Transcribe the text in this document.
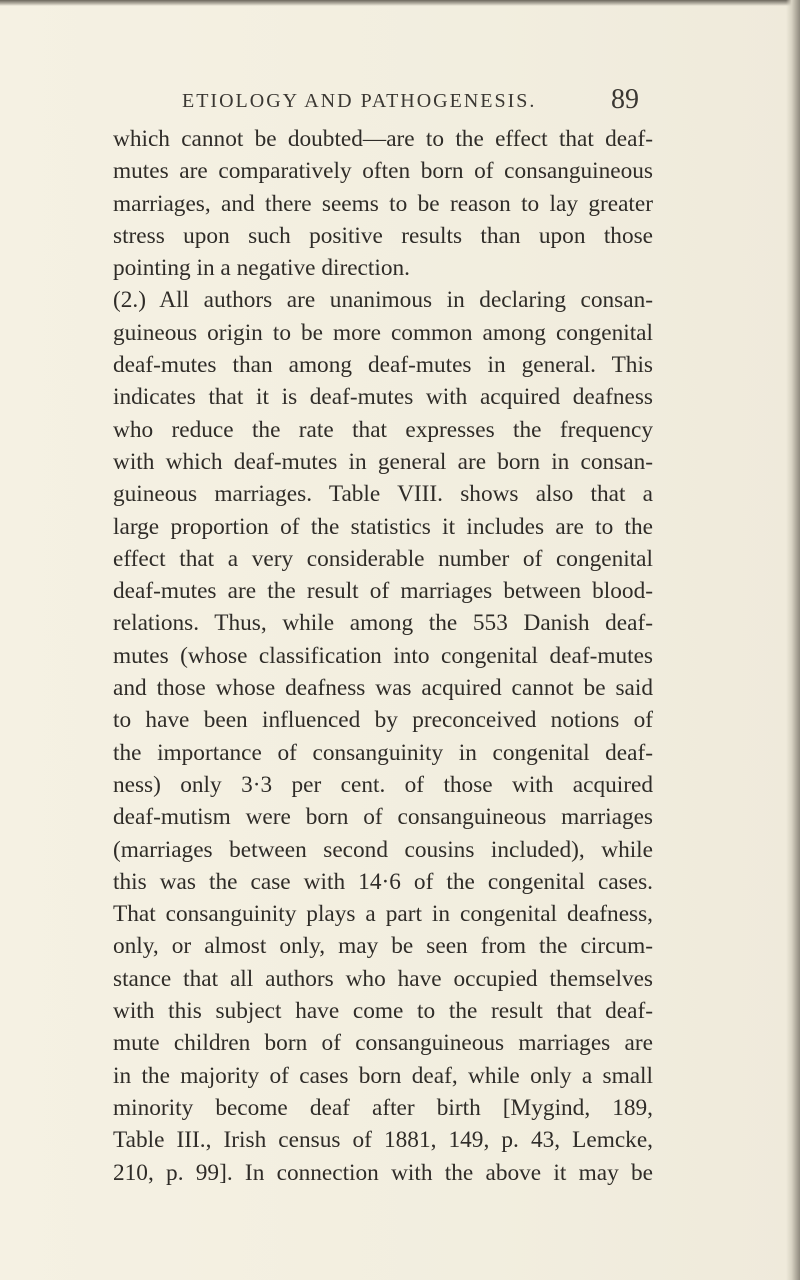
ETIOLOGY AND PATHOGENESIS.	89
which cannot be doubted—are to the effect that deaf-
mutes are comparatively often born of consanguineous
marriages, and there seems to be reason to lay greater
stress upon such positive results than upon those
pointing in a negative direction.
(2.) All authors are unanimous in declaring consan-
guineous origin to be more common among congenital
deaf-mutes than among deaf-mutes in general. This
indicates that it is deaf-mutes with acquired deafness
who reduce the rate that expresses the frequency
with which deaf-mutes in general are born in consan-
guineous marriages. Table VIII. shows also that a
large proportion of the statistics it includes are to the
effect that a very considerable number of congenital
deaf-mutes are the result of marriages between blood-
relations. Thus, while among the 553 Danish deaf-
mutes (whose classification into congenital deaf-mutes
and those whose deafness was acquired cannot be said
to have been influenced by preconceived notions of
the importance of consanguinity in congenital deaf-
ness) only 3·3 per cent. of those with acquired
deaf-mutism were born of consanguineous marriages
(marriages between second cousins included), while
this was the case with 14·6 of the congenital cases.
That consanguinity plays a part in congenital deafness,
only, or almost only, may be seen from the circum-
stance that all authors who have occupied themselves
with this subject have come to the result that deaf-
mute children born of consanguineous marriages are
in the majority of cases born deaf, while only a small
minority become deaf after birth [Mygind, 189,
Table III., Irish census of 1881, 149, p. 43, Lemcke,
210, p. 99]. In connection with the above it may be
